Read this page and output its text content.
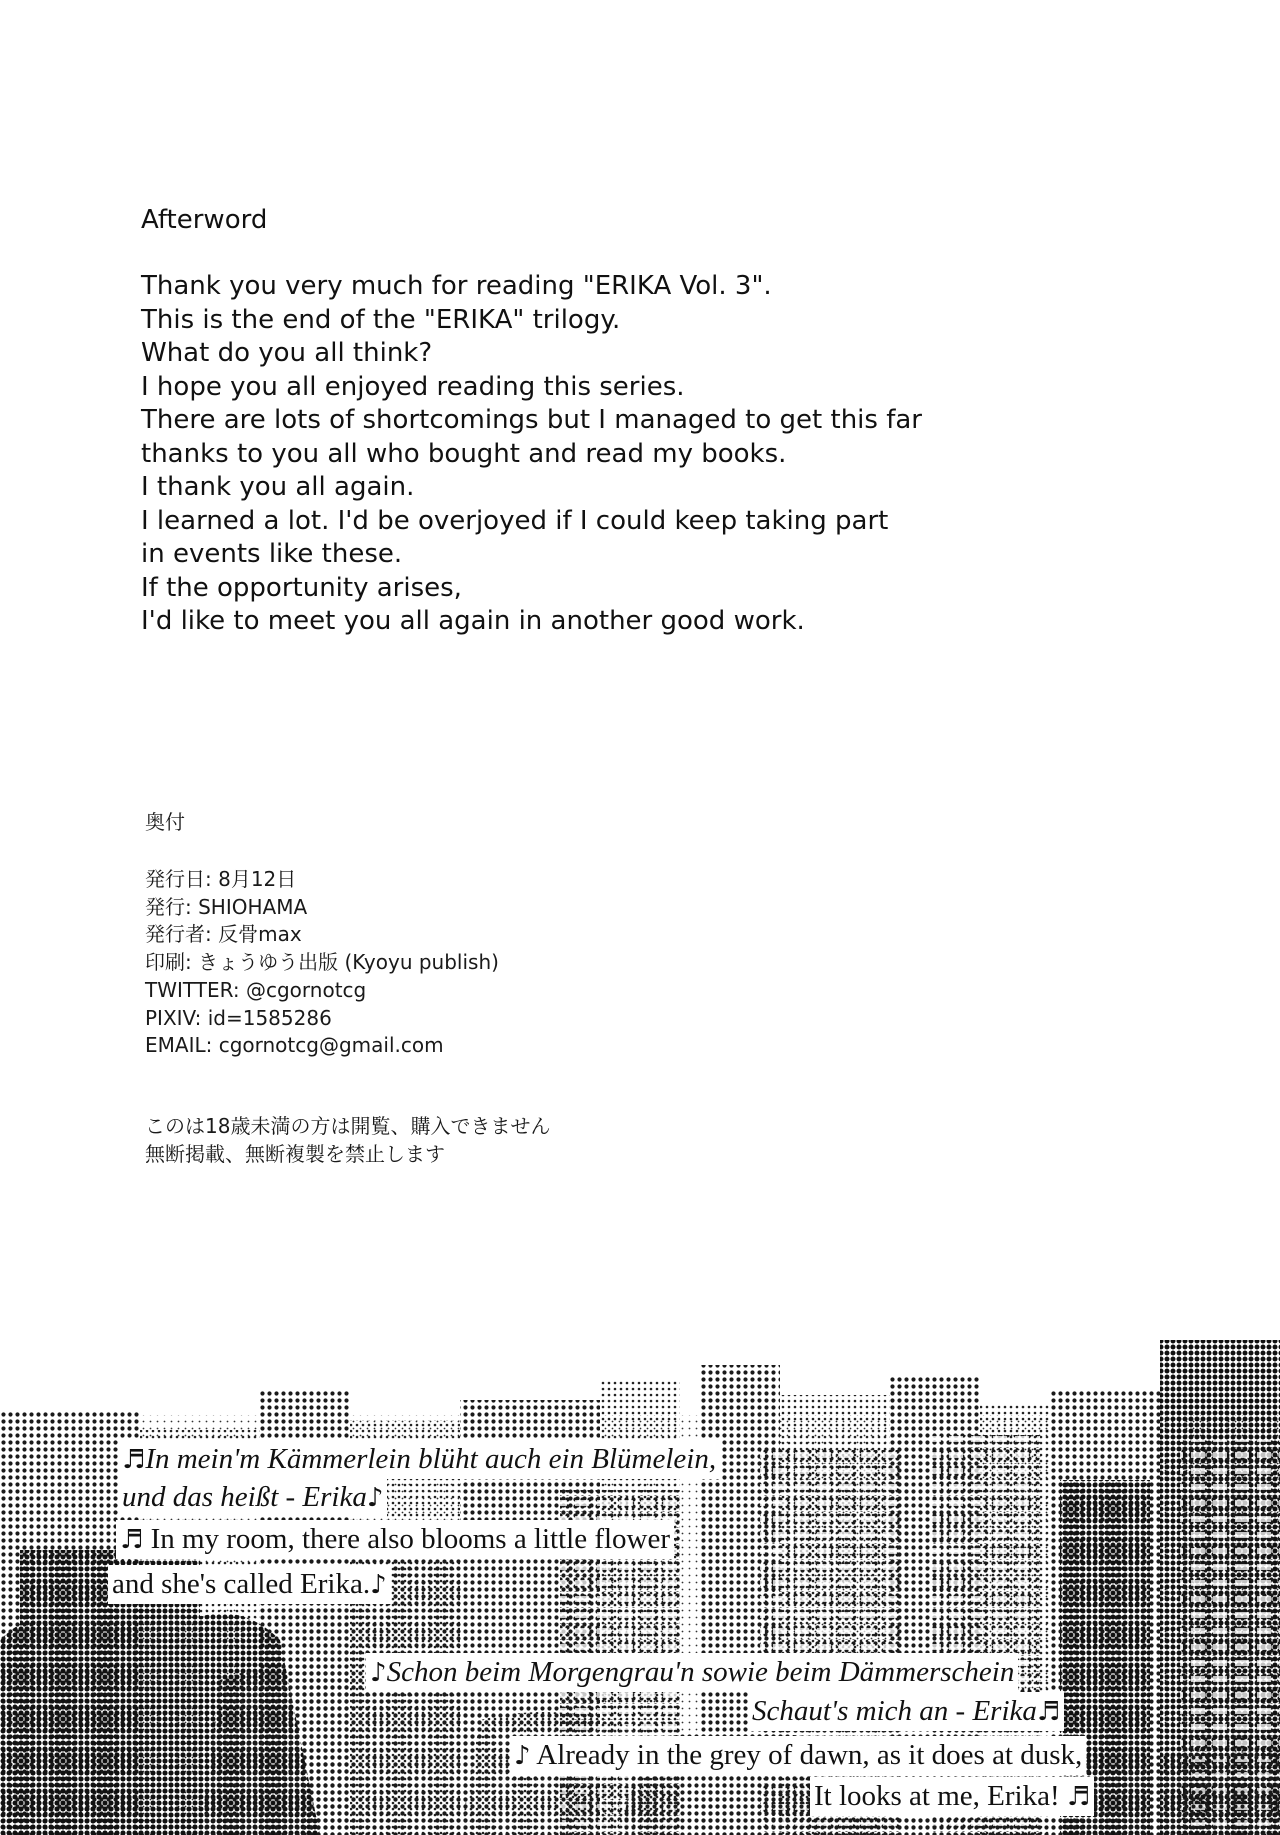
Afterword
Thank you very much for reading "ERIKA Vol. 3".
This is the end of the "ERIKA" trilogy.
What do you all think?
I hope you all enjoyed reading this series.
There are lots of shortcomings but I managed to get this far
thanks to you all who bought and read my books.
I thank you all again.
I learned a lot. I'd be overjoyed if I could keep taking part
in events like these.
If the opportunity arises,
I'd like to meet you all again in another good work.
奥付
発行日: 8月12日
発行: SHIOHAMA
発行者: 反骨max
印刷: きょうゆう出版 (Kyoyu publish)
TWITTER: @cgornotcg
PIXIV: id=1585286
EMAIL: cgornotcg@gmail.com
このは18歳未満の方は開覧、購入できません
無断掲載、無断複製を禁止します
♬In mein'm Kämmerlein blüht auch ein Blümelein,
und das heißt - Erika♪
♬ In my room, there also blooms a little flower
and she's called Erika.♪
♪Schon beim Morgengrau'n sowie beim Dämmerschein
Schaut's mich an - Erika♬
♪ Already in the grey of dawn, as it does at dusk,
It looks at me, Erika! ♬
